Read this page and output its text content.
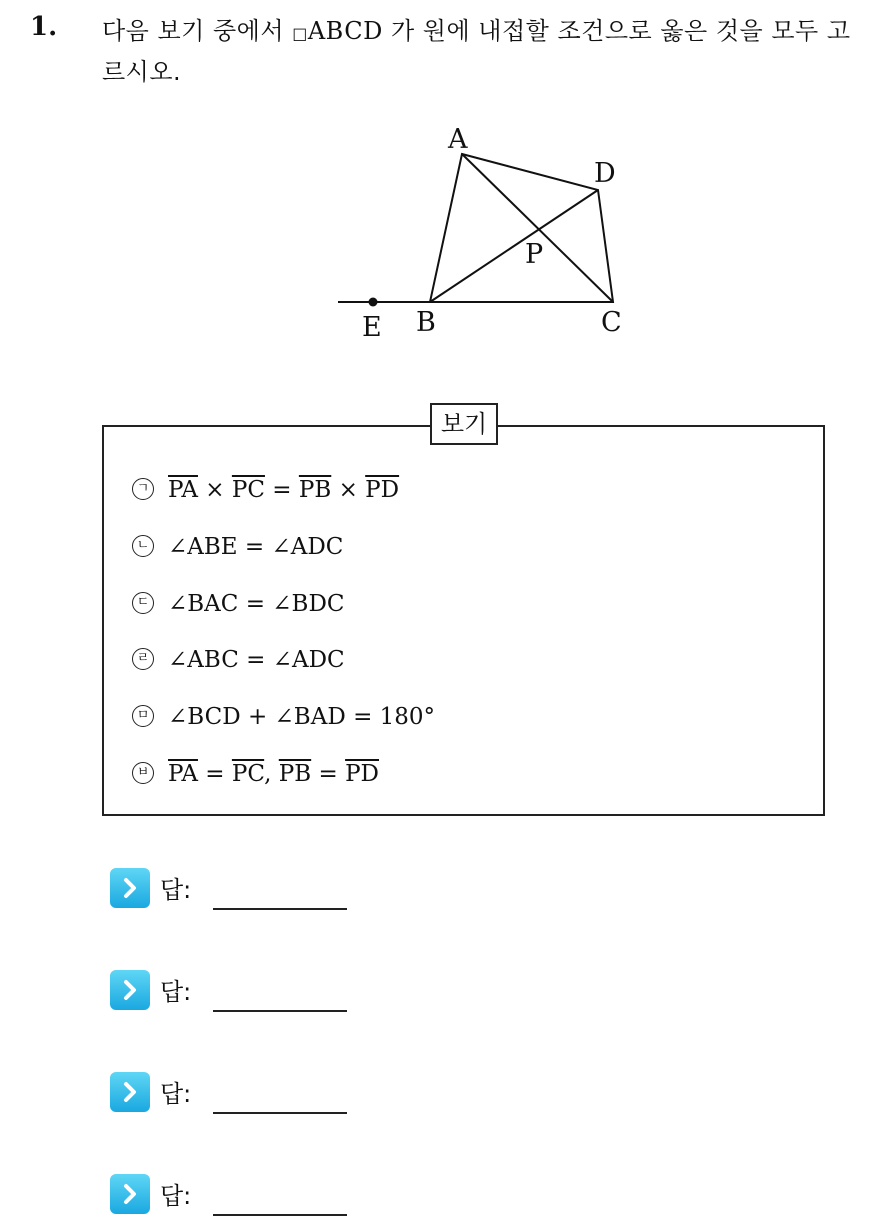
1. 다음 보기 중에서 □ABCD 가 원에 내접할 조건으로 옳은 것을 모두 고르시오.
A
D
P
E B	C
보기
ㄱ $\overline{PA} \times \overline{PC} = \overline{PB} \times \overline{PD}$
ㄴ ∠ABE = ∠ADC
ㄷ ∠BAC = ∠BDC
ㄹ ∠ABC = ∠ADC
ㅁ ∠BCD + ∠BAD = 180°
ㅂ $\overline{PA} = \overline{PC}$, $\overline{PB} = \overline{PD}$
답:
답:
답:
답:
